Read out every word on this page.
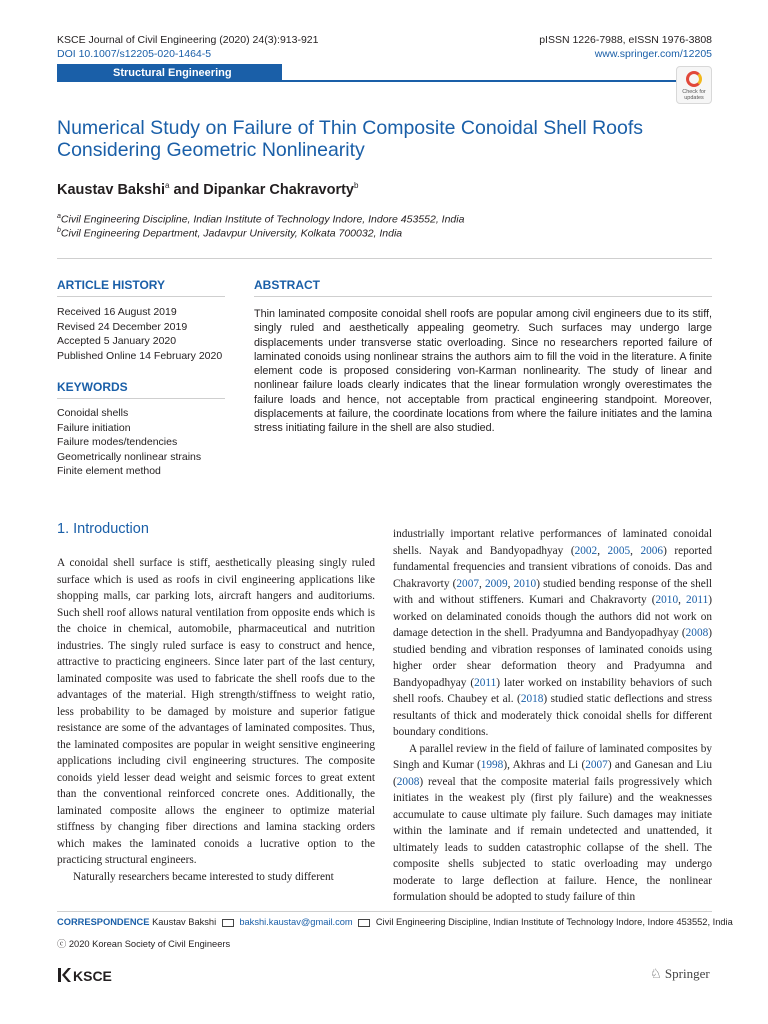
KSCE Journal of Civil Engineering (2020) 24(3):913-921
DOI 10.1007/s12205-020-1464-5
pISSN 1226-7988, eISSN 1976-3808
www.springer.com/12205
Structural Engineering
Check for
updates
Numerical Study on Failure of Thin Composite Conoidal Shell Roofs
Considering Geometric Nonlinearity
Kaustav Bakshi$^a$ and Dipankar Chakravorty$^b$
$^a$Civil Engineering Discipline, Indian Institute of Technology Indore, Indore 453552, India
$^b$Civil Engineering Department, Jadavpur University, Kolkata 700032, India
ARTICLE HISTORY
Received 16 August 2019
Revised 24 December 2019
Accepted 5 January 2020
Published Online 14 February 2020
KEYWORDS
Conoidal shells
Failure initiation
Failure modes/tendencies
Geometrically nonlinear strains
Finite element method
ABSTRACT
Thin laminated composite conoidal shell roofs are popular among civil engineers due to its stiff, singly ruled and aesthetically appealing geometry. Such surfaces may undergo large displacements under transverse static overloading. Since no researchers reported failure of laminated conoids using nonlinear strains the authors aim to fill the void in the literature. A finite element code is proposed considering von-Karman nonlinearity. The study of linear and nonlinear failure loads clearly indicates that the linear formulation wrongly overestimates the failure loads and hence, not acceptable from practical engineering standpoint. Moreover, displacements at failure, the coordinate locations from where the failure initiates and the lamina stress initiating failure in the shell are also studied.
1. Introduction

A conoidal shell surface is stiff, aesthetically pleasing singly ruled surface which is used as roofs in civil engineering applications like shopping malls, car parking lots, aircraft hangers and auditoriums. Such shell roof allows natural ventilation from opposite ends which is the choice in chemical, automobile, pharmaceutical and nutrition industries. The singly ruled surface is easy to construct and hence, attractive to practicing engineers. Since later part of the last century, laminated composite was used to fabricate the shell roofs due to the advantages of the material. High strength/stiffness to weight ratio, less probability to be damaged by moisture and superior fatigue resistance are some of the advantages of laminated composites. Thus, the laminated composites are popular in weight sensitive engineering applications including civil engineering structures. The composite conoids yield lesser dead weight and seismic forces to great extent than the conventional reinforced concrete ones. Additionally, the laminated composite allows the engineer to optimize material stiffness by changing fiber directions and lamina stacking orders which makes the laminated conoids a lucrative option to the practicing structural engineers.

Naturally researchers became interested to study different

industrially important relative performances of laminated conoidal shells. Nayak and Bandyopadhyay (2002, 2005, 2006) reported fundamental frequencies and transient vibrations of conoids. Das and Chakravorty (2007, 2009, 2010) studied bending response of the shell with and without stiffeners. Kumari and Chakravorty (2010, 2011) worked on delaminated conoids though the authors did not work on damage detection in the shell. Pradyumna and Bandyopadhyay (2008) studied bending and vibration responses of laminated conoids using higher order shear deformation theory and Pradyumna and Bandyopadhyay (2011) later worked on instability behaviors of such shell roofs. Chaubey et al. (2018) studied static deflections and stress resultants of thick and moderately thick conoidal shells for different boundary conditions.

A parallel review in the field of failure of laminated composites by Singh and Kumar (1998), Akhras and Li (2007) and Ganesan and Liu (2008) reveal that the composite material fails progressively which initiates in the weakest ply (first ply failure) and the weaknesses accumulate to cause ultimate ply failure. Such damages may initiate within the laminate and if remain undetected and unattended, it ultimately leads to sudden catastrophic collapse of the shell. The composite shells subjected to static overloading may undergo moderate to large deflection at failure. Hence, the nonlinear formulation should be adopted to study failure of thin

CORRESPONDENCE Kaustav Bakshi bakshi.kaustav@gmail.com Civil Engineering Discipline, Indian Institute of Technology Indore, Indore 453552, India
ⓒ 2020 Korean Society of Civil Engineers
KSCE	♘ Springer
